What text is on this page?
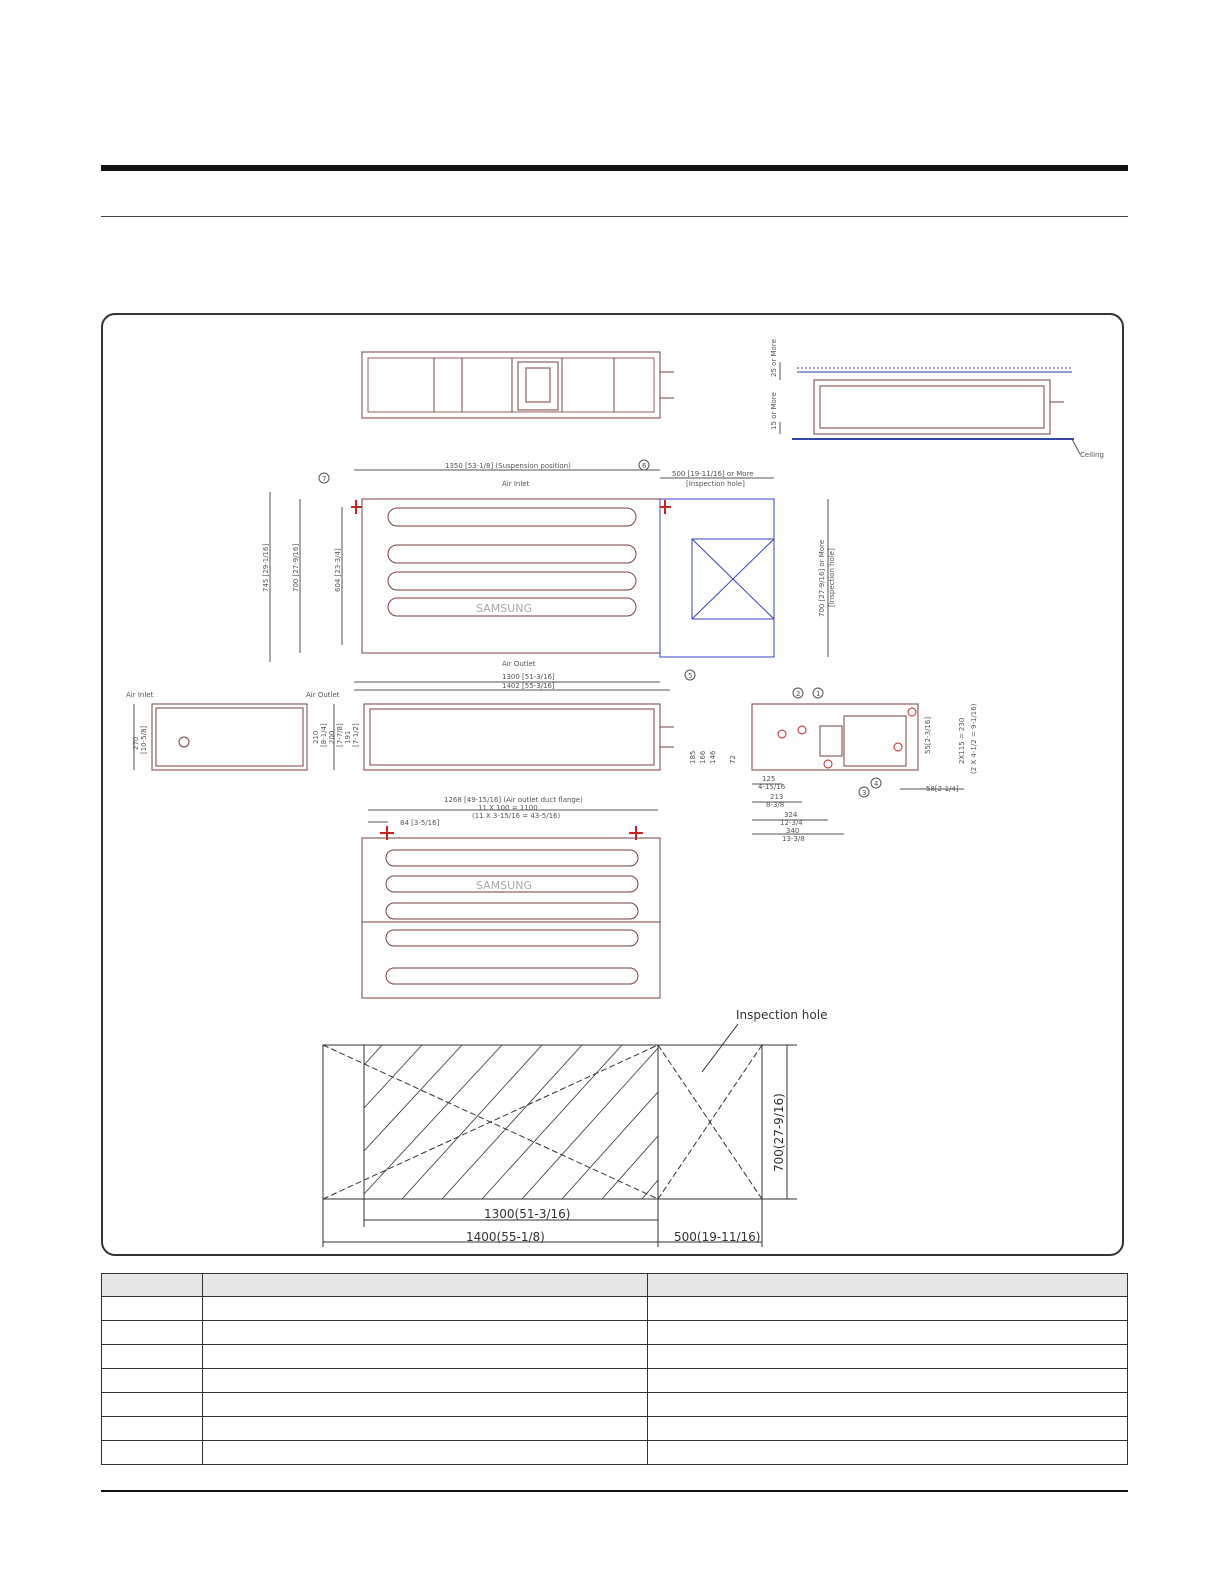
Ceiling
25 or More
15 or More
1350 [53-1/8] (Suspension position)
500 [19-11/16] or More
[Inspection hole]
Air Inlet
Air Outlet
1300 [51-3/16]
1402 [55-3/16]
745 [29-1/16]	700 [27-9/16]	604 [23-3/4]	700 [27-9/16] or More [Inspection hole]
SAMSUNG
Air Inlet	Air Outlet
270 [10-5/8]	210 [8-1/4] 200 [7-7/8] 191 [7-1/2]
185 166 146 72
125
4-15/16
213
8-3/8
324
12-3/4
340
13-3/8
58[2-1/4]
55[2-3/16]	2X115 = 230 (2 X 4-1/2 = 9-1/16)
1268 [49-15/16] (Air outlet duct flange)
11 X 100 = 1100
(11 X 3-15/16 = 43-5/16)
84 [3-5/16]
SAMSUNG
Inspection hole
700(27-9/16)
1300(51-3/16)
1400(55-1/8)	500(19-11/16)
1
2
3
4
5
6
7
